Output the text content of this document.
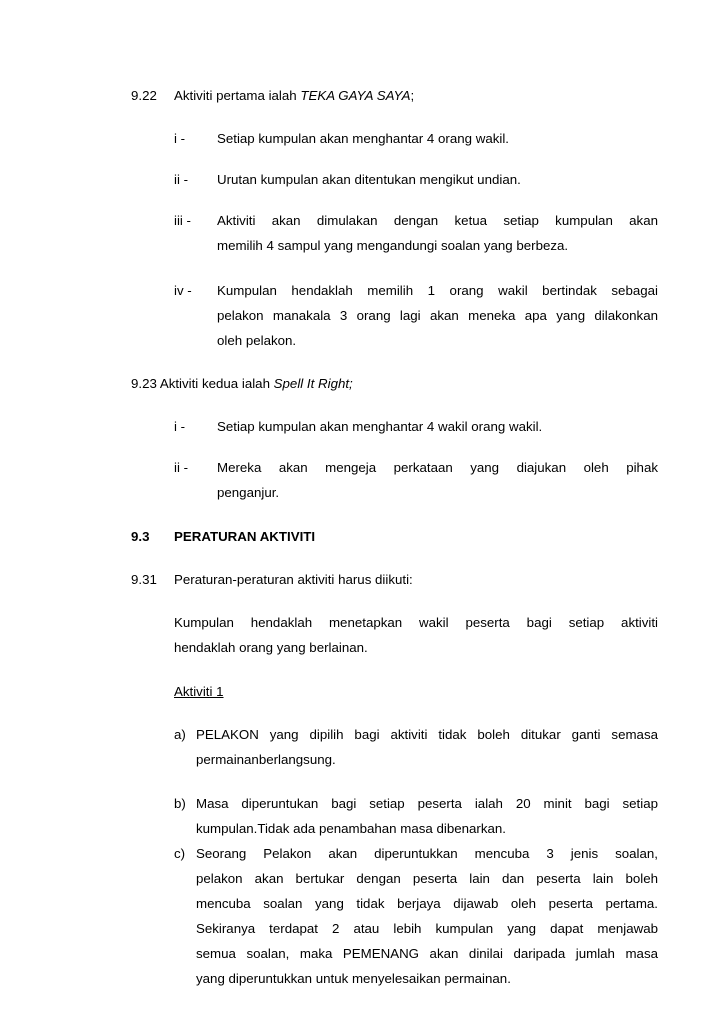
9.22 Aktiviti pertama ialah TEKA GAYA SAYA;
i - Setiap kumpulan akan menghantar 4 orang wakil.
ii - Urutan kumpulan akan ditentukan mengikut undian.
iii - Aktiviti akan dimulakan dengan ketua setiap kumpulan akan
memilih 4 sampul yang mengandungi soalan yang berbeza.
iv - Kumpulan hendaklah memilih 1 orang wakil bertindak sebagai
pelakon manakala 3 orang lagi akan meneka apa yang dilakonkan
oleh pelakon.
9.23 Aktiviti kedua ialah Spell It Right;
i - Setiap kumpulan akan menghantar 4 wakil orang wakil.
ii - Mereka akan mengeja perkataan yang diajukan oleh pihak
penganjur.
9.3 PERATURAN AKTIVITI
9.31 Peraturan-peraturan aktiviti harus diikuti:
Kumpulan hendaklah menetapkan wakil peserta bagi setiap aktiviti
hendaklah orang yang berlainan.
Aktiviti 1
a) PELAKON yang dipilih bagi aktiviti tidak boleh ditukar ganti semasa
permainanberlangsung.
b) Masa diperuntukan bagi setiap peserta ialah 20 minit bagi setiap
kumpulan.Tidak ada penambahan masa dibenarkan.
c) Seorang Pelakon akan diperuntukkan mencuba 3 jenis soalan,
pelakon akan bertukar dengan peserta lain dan peserta lain boleh
mencuba soalan yang tidak berjaya dijawab oleh peserta pertama.
Sekiranya terdapat 2 atau lebih kumpulan yang dapat menjawab
semua soalan, maka PEMENANG akan dinilai daripada jumlah masa
yang diperuntukkan untuk menyelesaikan permainan.
